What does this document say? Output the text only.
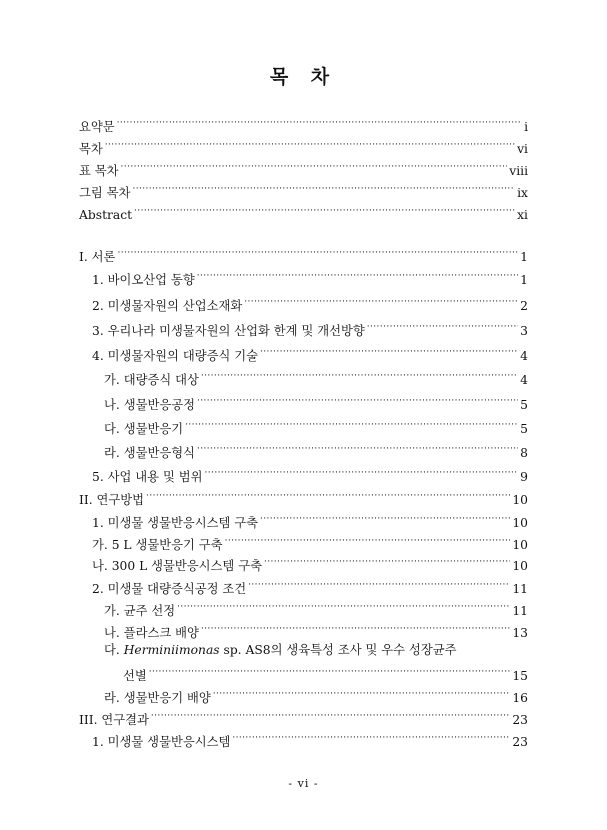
목 차
요약문 ·····	i
목차 ·····	vi
표 목차 ·····	viii
그림 목차 ·····	ix
Abstract ·····	xi
I. 서론 ·····	1
1. 바이오산업 동향 ·····	1
2. 미생물자원의 산업소재화 ·····	2
3. 우리나라 미생물자원의 산업화 한계 및 개선방향 ·····	3
4. 미생물자원의 대량증식 기술 ·····	4
가. 대량증식 대상 ·····	4
나. 생물반응공정 ·····	5
다. 생물반응기 ·····	5
라. 생물반응형식 ·····	8
5. 사업 내용 및 범위 ·····	9
II. 연구방법 ·····	10
1. 미생물 생물반응시스템 구축 ·····	10
가. 5 L 생물반응기 구축 ·····	10
나. 300 L 생물반응시스템 구축 ·····	10
2. 미생물 대량증식공정 조건 ·····	11
가. 균주 선정 ·····	11
나. 플라스크 배양 ·····	13
다. Herminiimonas sp. AS8의 생육특성 조사 및 우수 성장균주
선별 ·····	15
라. 생물반응기 배양 ·····	16
III. 연구결과 ·····	23
1. 미생물 생물반응시스템 ·····	23
- vi -
